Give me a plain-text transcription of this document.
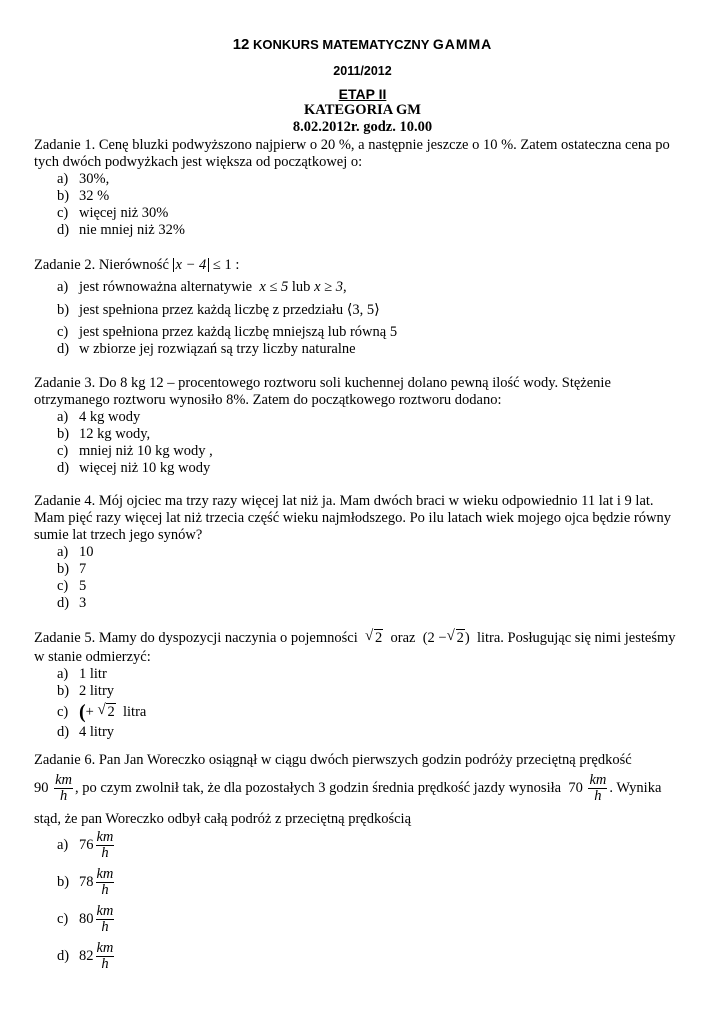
12 KONKURS MATEMATYCZNY GAMMA
2011/2012
ETAP II
KATEGORIA GM
8.02.2012r. godz. 10.00
Zadanie 1. Cenę bluzki podwyższono najpierw o 20 %, a następnie jeszcze o 10 %. Zatem ostateczna cena po
tych dwóch podwyżkach jest większa od początkowej o:
a) 30%,
b) 32 %
c) więcej niż 30%
d) nie mniej niż 32%
Zadanie 2. Nierówność x − 4 ≤ 1 :
a) jest równoważna alternatywie x ≤ 5 lub x ≥ 3,
b) jest spełniona przez każdą liczbę z przedziału ⟨3, 5⟩
c) jest spełniona przez każdą liczbę mniejszą lub równą 5
d) w zbiorze jej rozwiązań są trzy liczby naturalne
Zadanie 3. Do 8 kg 12 – procentowego roztworu soli kuchennej dolano pewną ilość wody. Stężenie
otrzymanego roztworu wynosiło 8%. Zatem do początkowego roztworu dodano:
a) 4 kg wody
b) 12 kg wody,
c) mniej niż 10 kg wody ,
d) więcej niż 10 kg wody
Zadanie 4. Mój ojciec ma trzy razy więcej lat niż ja. Mam dwóch braci w wieku odpowiednio 11 lat i 9 lat.
Mam pięć razy więcej lat niż trzecia część wieku najmłodszego. Po ilu latach wiek mojego ojca będzie równy
sumie lat trzech jego synów?
a) 10
b) 7
c) 5
d) 3
Zadanie 5. Mamy do dyspozycji naczynia o pojemności √ 2 oraz (2 − √ 2) litra. Posługując się nimi jesteśmy
w stanie odmierzyć:
a) 1 litr
b) 2 litry
c) (+ √ 2 litra
d) 4 litry
Zadanie 6. Pan Jan Woreczko osiągnął w ciągu dwóch pierwszych godzin podróży przeciętną prędkość
$90 \frac{km}{h}$ , po czym zwolnił tak, że dla pozostałych 3 godzin średnia prędkość jazdy wynosiła $70 \frac{km}{h}$ . Wynika
stąd, że pan Woreczko odbył całą podróż z przeciętną prędkością
a) $76 \frac{km}{h}$
b) $78 \frac{km}{h}$
c) $80 \frac{km}{h}$
d) $82 \frac{km}{h}$
